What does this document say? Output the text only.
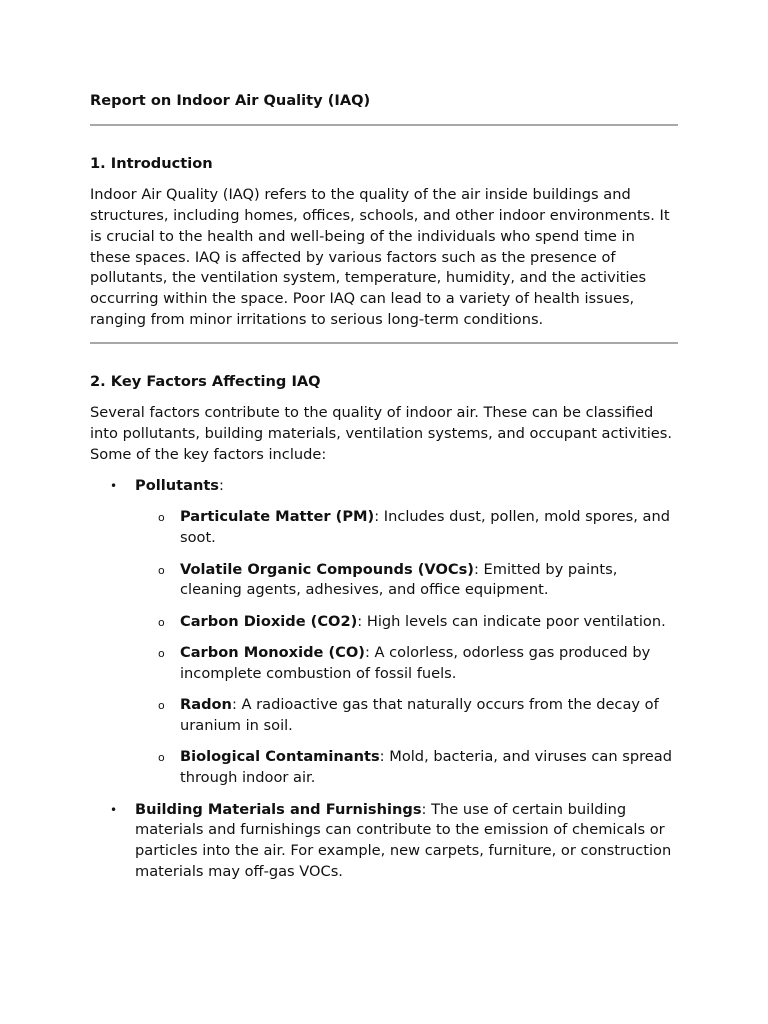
Report on Indoor Air Quality (IAQ)
1. Introduction

Indoor Air Quality (IAQ) refers to the quality of the air inside buildings and structures, including homes, offices, schools, and other indoor environments. It is crucial to the health and well-being of the individuals who spend time in these spaces. IAQ is affected by various factors such as the presence of pollutants, the ventilation system, temperature, humidity, and the activities occurring within the space. Poor IAQ can lead to a variety of health issues, ranging from minor irritations to serious long-term conditions.

2. Key Factors Affecting IAQ

Several factors contribute to the quality of indoor air. These can be classified into pollutants, building materials, ventilation systems, and occupant activities. Some of the key factors include:

• Pollutants:
o Particulate Matter (PM): Includes dust, pollen, mold spores, and soot.
o Volatile Organic Compounds (VOCs): Emitted by paints, cleaning agents, adhesives, and office equipment.
o Carbon Dioxide (CO2): High levels can indicate poor ventilation.
o Carbon Monoxide (CO): A colorless, odorless gas produced by incomplete combustion of fossil fuels.
o Radon: A radioactive gas that naturally occurs from the decay of uranium in soil.
o Biological Contaminants: Mold, bacteria, and viruses can spread through indoor air.
• Building Materials and Furnishings: The use of certain building materials and furnishings can contribute to the emission of chemicals or particles into the air. For example, new carpets, furniture, or construction materials may off-gas VOCs.
